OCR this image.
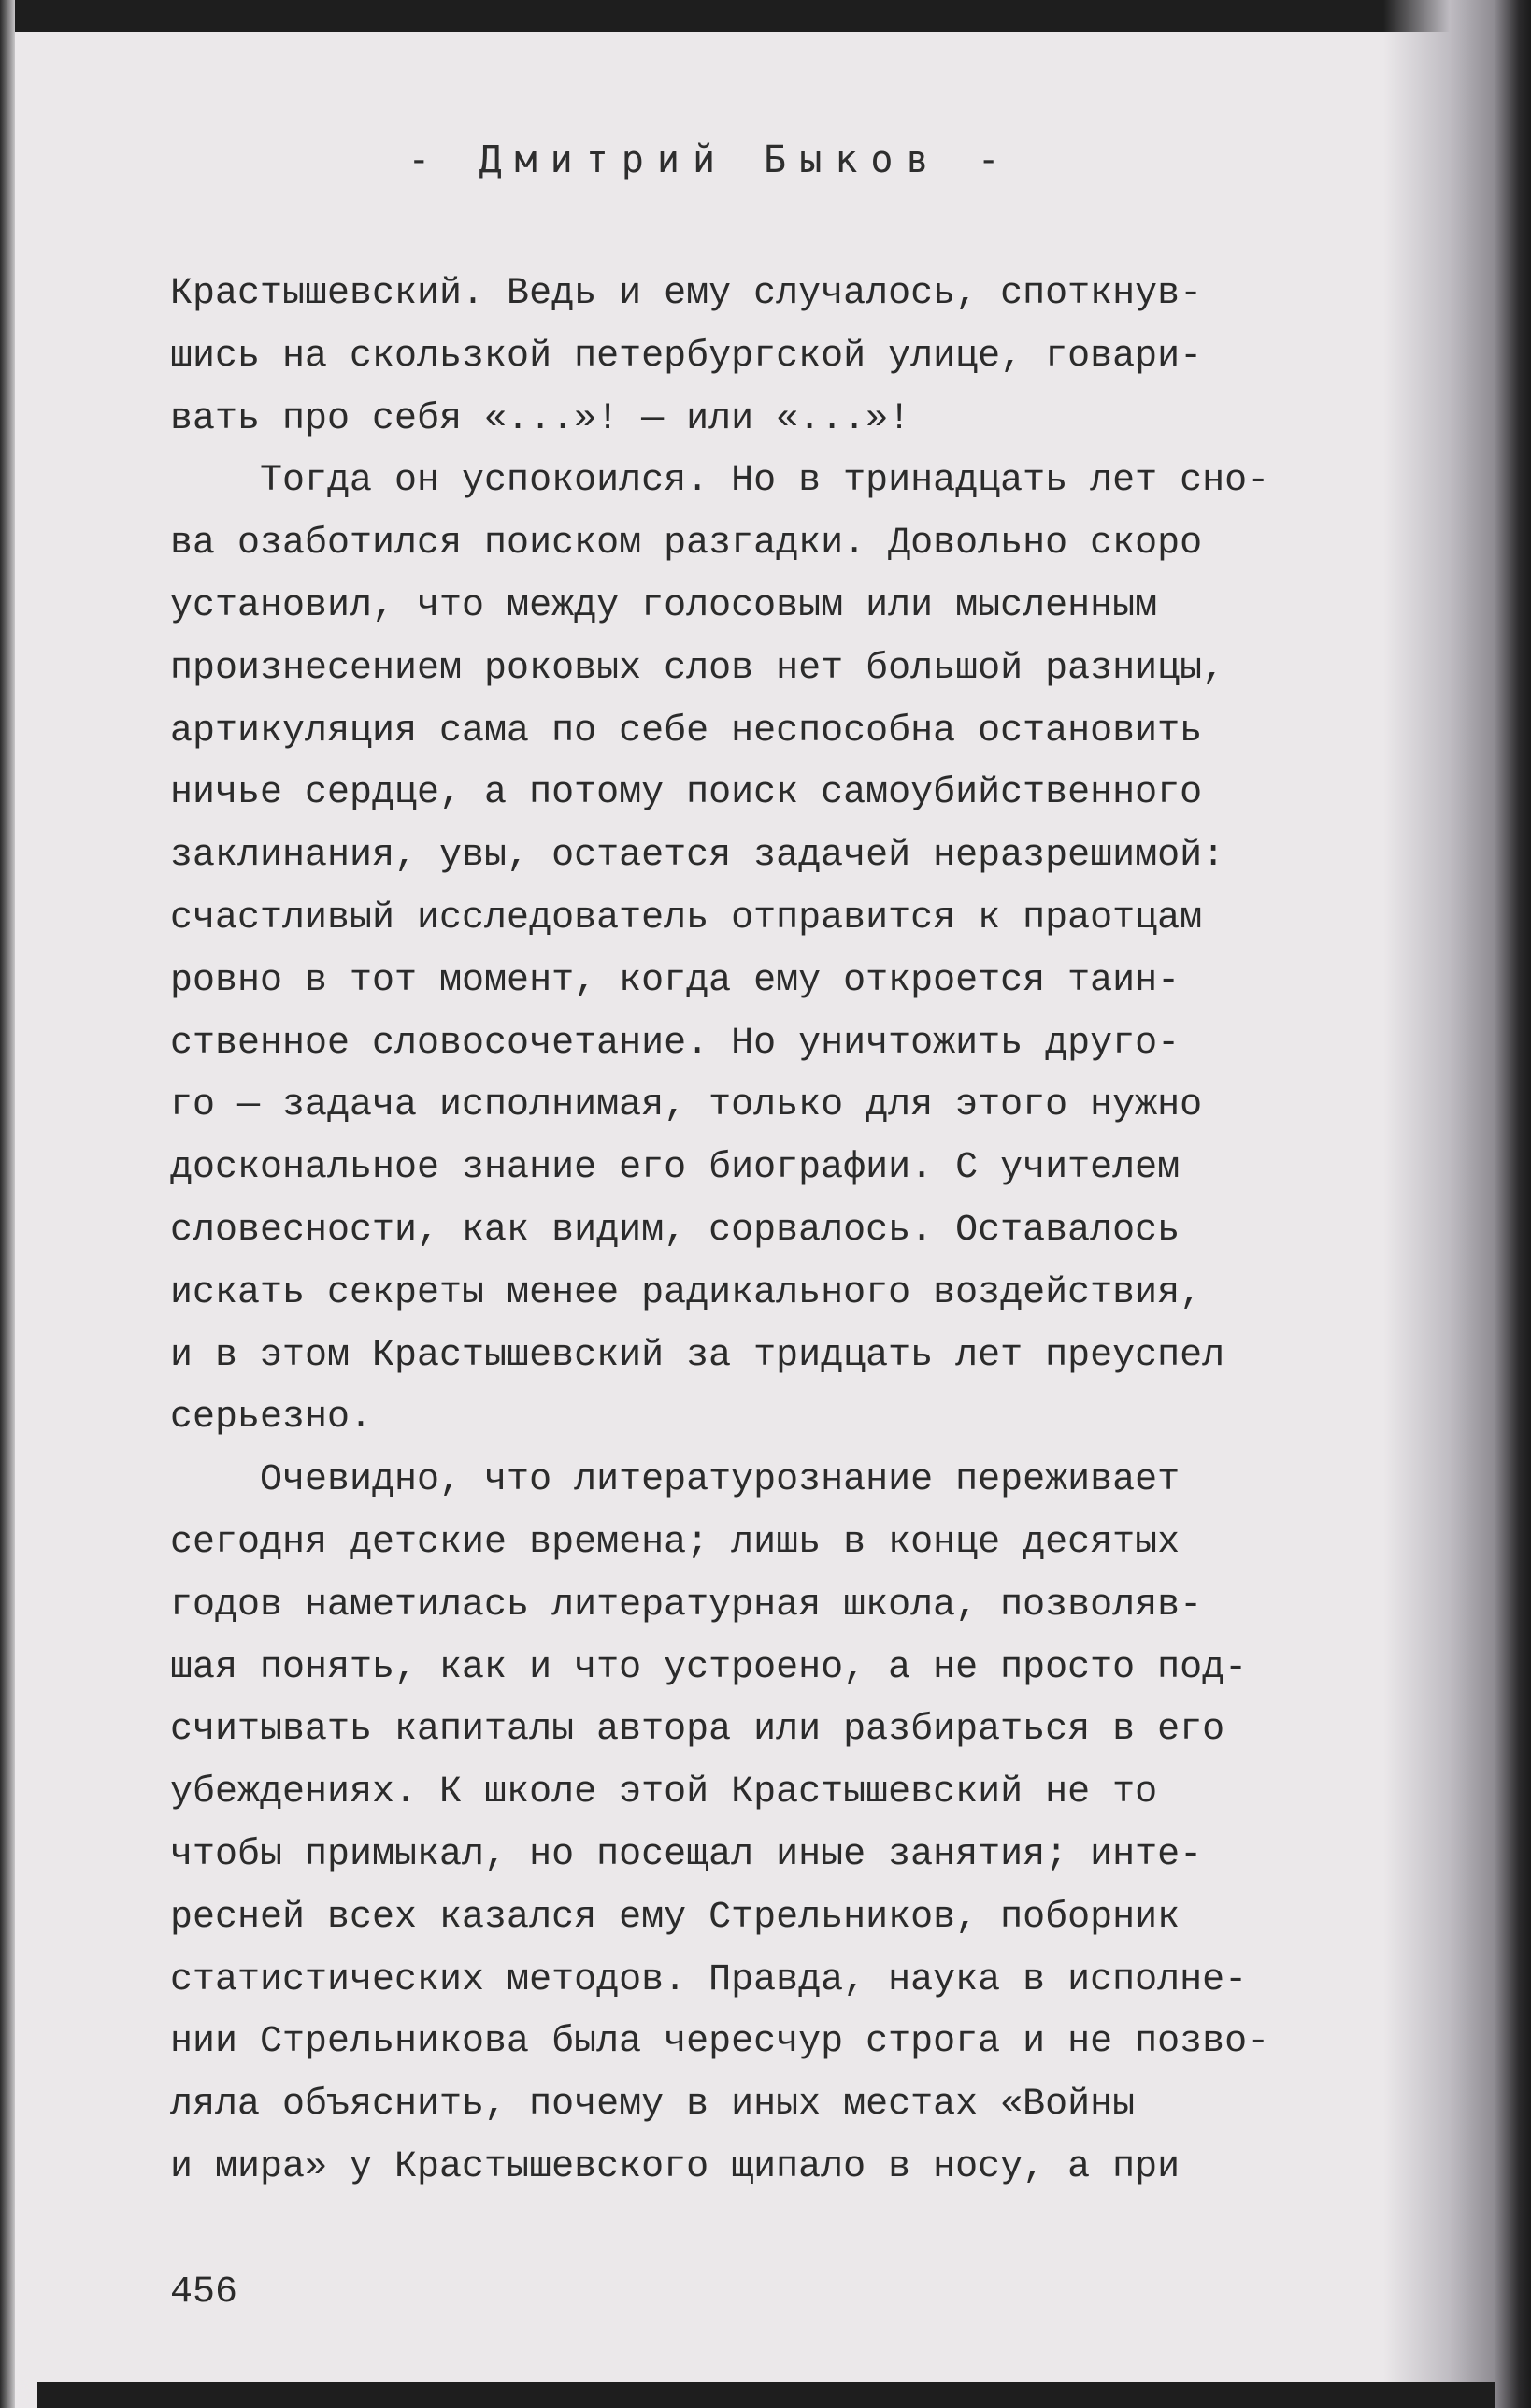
- Дмитрий Быков -
Крастышевский. Ведь и ему случалось, споткнув-
шись на скользкой петербургской улице, говари-
вать про себя «...»! — или «...»!
Тогда он успокоился. Но в тринадцать лет сно-
ва озаботился поиском разгадки. Довольно скоро
установил, что между голосовым или мысленным
произнесением роковых слов нет большой разницы,
артикуляция сама по себе неспособна остановить
ничье сердце, а потому поиск самоубийственного
заклинания, увы, остается задачей неразрешимой:
счастливый исследователь отправится к праотцам
ровно в тот момент, когда ему откроется таин-
ственное словосочетание. Но уничтожить друго-
го — задача исполнимая, только для этого нужно
доскональное знание его биографии. С учителем
словесности, как видим, сорвалось. Оставалось
искать секреты менее радикального воздействия,
и в этом Крастышевский за тридцать лет преуспел
серьезно.
Очевидно, что литературознание переживает
сегодня детские времена; лишь в конце десятых
годов наметилась литературная школа, позволяв-
шая понять, как и что устроено, а не просто под-
считывать капиталы автора или разбираться в его
убеждениях. К школе этой Крастышевский не то
чтобы примыкал, но посещал иные занятия; инте-
ресней всех казался ему Стрельников, поборник
статистических методов. Правда, наука в исполне-
нии Стрельникова была чересчур строга и не позво-
ляла объяснить, почему в иных местах «Войны
и мира» у Крастышевского щипало в носу, а при
456
